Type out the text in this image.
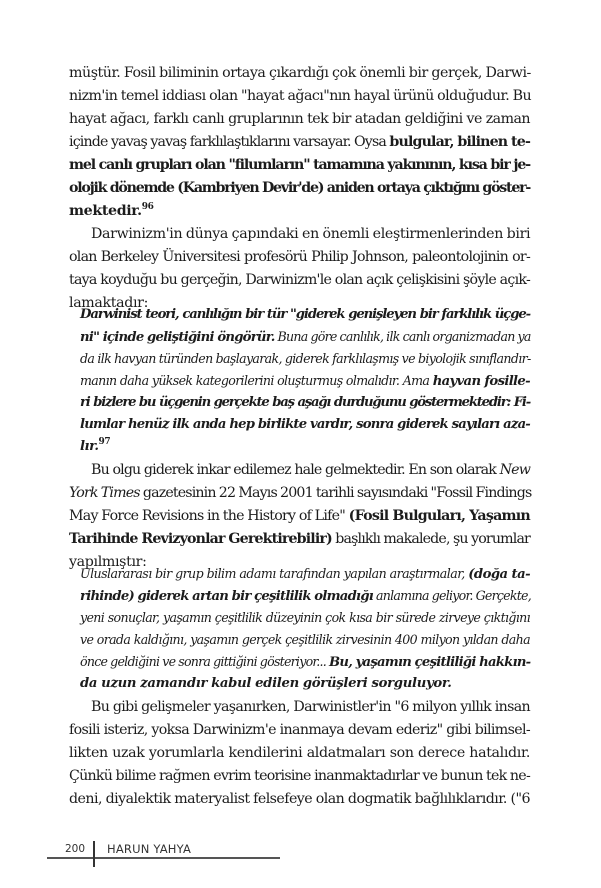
müştür. Fosil biliminin ortaya çıkardığı çok önemli bir gerçek, Darwi-
nizm'in temel iddiası olan "hayat ağacı"nın hayal ürünü olduğudur. Bu
hayat ağacı, farklı canlı gruplarının tek bir atadan geldiğini ve zaman
içinde yavaş yavaş farklılaştıklarını varsayar. Oysa bulgular, bilinen te-
mel canlı grupları olan "filumların" tamamına yakınının, kısa bir je-
olojik dönemde (Kambriyen Devir'de) aniden ortaya çıktığını göster-
mektedir.$^{96}$
Darwinizm'in dünya çapındaki en önemli eleştirmenlerinden biri
olan Berkeley Üniversitesi profesörü Philip Johnson, paleontolojinin or-
taya koyduğu bu gerçeğin, Darwinizm'le olan açık çelişkisini şöyle açık-
lamaktadır:
Darwinist teori, canlılığın bir tür "giderek genişleyen bir farklılık üçge-
ni" içinde geliştiğini öngörür. Buna göre canlılık, ilk canlı organizmadan ya
da ilk havyan türünden başlayarak, giderek farklılaşmış ve biyolojik sınıflandır-
manın daha yüksek kategorilerini oluşturmuş olmalıdır. Ama hayvan fosille-
ri bizlere bu üçgenin gerçekte baş aşağı durduğunu göstermektedir: Fi-
lumlar henüz ilk anda hep birlikte vardır, sonra giderek sayıları aza-
lır.$^{97}$
Bu olgu giderek inkar edilemez hale gelmektedir. En son olarak New
York Times gazetesinin 22 Mayıs 2001 tarihli sayısındaki "Fossil Findings
May Force Revisions in the History of Life" (Fosil Bulguları, Yaşamın
Tarihinde Revizyonlar Gerektirebilir) başlıklı makalede, şu yorumlar
yapılmıştır:
Uluslararası bir grup bilim adamı tarafından yapılan araştırmalar, (doğa ta-
rihinde) giderek artan bir çeşitlilik olmadığı anlamına geliyor. Gerçekte,
yeni sonuçlar, yaşamın çeşitlilik düzeyinin çok kısa bir sürede zirveye çıktığını
ve orada kaldığını, yaşamın gerçek çeşitlilik zirvesinin 400 milyon yıldan daha
önce geldiğini ve sonra gittiğini gösteriyor... Bu, yaşamın çeşitliliği hakkın-
da uzun zamandır kabul edilen görüşleri sorguluyor.
Bu gibi gelişmeler yaşanırken, Darwinistler'in "6 milyon yıllık insan
fosili isteriz, yoksa Darwinizm'e inanmaya devam ederiz" gibi bilimsel-
likten uzak yorumlarla kendilerini aldatmaları son derece hatalıdır.
Çünkü bilime rağmen evrim teorisine inanmaktadırlar ve bunun tek ne-
deni, diyalektik materyalist felsefeye olan dogmatik bağlılıklarıdır. ("6
200 HARUN YAHYA
